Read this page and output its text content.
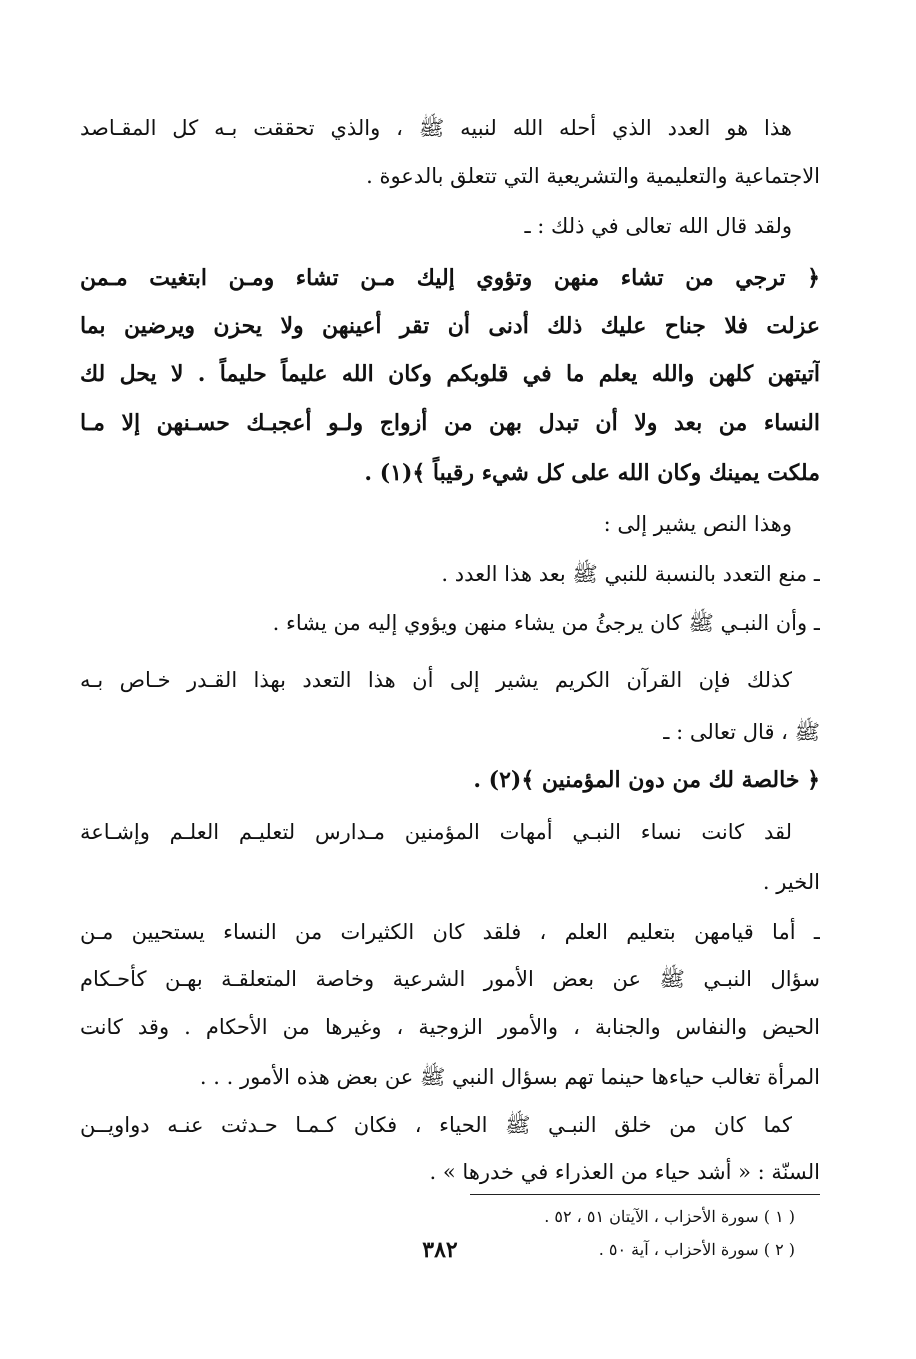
هذا هو العدد الذي أحله الله لنبيه ﷺ ، والذي تحققت بـه كل المقـاصد

الاجتماعية والتعليمية والتشريعية التي تتعلق بالدعوة .

ولقد قال الله تعالى في ذلك : ـ

﴿ ترجي من تشاء منهن وتؤوي إليك مـن تشاء ومـن ابتغيت مـمن

عزلت فلا جناح عليك ذلك أدنى أن تقر أعينهن ولا يحزن ويرضين بما

آتيتهن كلهن والله يعلم ما في قلوبكم وكان الله عليماً حليماً . لا يحل لك

النساء من بعد ولا أن تبدل بهن من أزواج ولـو أعجبـك حسـنهن إلا مـا

ملكت يمينك وكان الله على كل شيء رقيباً ﴾(١) .

وهذا النص يشير إلى :

ـ منع التعدد بالنسبة للنبي ﷺ بعد هذا العدد .

ـ وأن النبـي ﷺ كان يرجئُ من يشاء منهن ويؤوي إليه من يشاء .

كذلك فإن القرآن الكريم يشير إلى أن هذا التعدد بهذا القـدر خـاص بـه

ﷺ ، قال تعالى : ـ

﴿ خالصة لك من دون المؤمنين ﴾(٢) .

لقد كانت نساء النبـي أمهات المؤمنين مـدارس لتعليـم العلـم وإشـاعة

الخير .

ـ أما قيامهن بتعليم العلم ، فلقد كان الكثيرات من النساء يستحيين مـن

سؤال النبـي ﷺ عن بعض الأمور الشرعية وخاصة المتعلقـة بهـن كأحـكام

الحيض والنفاس والجنابة ، والأمور الزوجية ، وغيرها من الأحكام . وقد كانت

المرأة تغالب حياءها حينما تهم بسؤال النبي ﷺ عن بعض هذه الأمور . . .

كما كان من خلق النبـي ﷺ الحياء ، فكان كـمـا حـدثت عنـه دواويــن

السنّة : « أشد حياء من العذراء في خدرها » .

( ١ ) سورة الأحزاب ، الآيتان ٥١ ، ٥٢ .

( ٢ ) سورة الأحزاب ، آية ٥٠ .

٣٨٢
